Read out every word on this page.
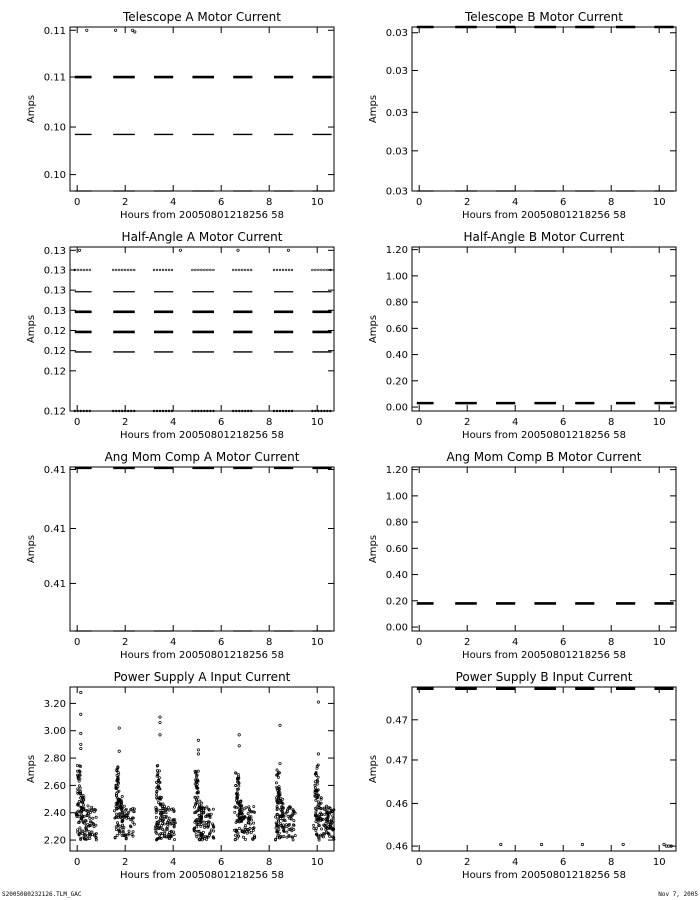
Telescope A Motor Current
Hours from 20050801218256 58
Amps
0	2	4	6	8	10
0.11
0.11
0.10
0.10
Telescope B Motor Current
Hours from 20050801218256 58
Amps
0	2	4	6	8	10
0.03
0.03
0.03
0.03
0.03
Half-Angle A Motor Current
Hours from 20050801218256 58
Amps
0	2	4	6	8	10
0.13
0.13
0.13
0.13
0.12
0.12
0.12
0.12
Half-Angle B Motor Current
Hours from 20050801218256 58
Amps
0	2	4	6	8	10
0.00
0.20
0.40
0.60
0.80
1.00
1.20
Ang Mom Comp A Motor Current
Hours from 20050801218256 58
Amps
0	2	4	6	8	10
0.41
0.41
0.41
Ang Mom Comp B Motor Current
Hours from 20050801218256 58
Amps
0	2	4	6	8	10
0.00
0.20
0.40
0.60
0.80
1.00
1.20
Power Supply A Input Current
Hours from 20050801218256 58
Amps
0	2	4	6	8	10
2.20
2.40
2.60
2.80
3.00
3.20
Power Supply B Input Current
Hours from 20050801218256 58
Amps
0	2	4	6	8	10
0.47
0.47
0.46
0.46
S2005080232126.TLM_GAC	Nov 7, 2005
